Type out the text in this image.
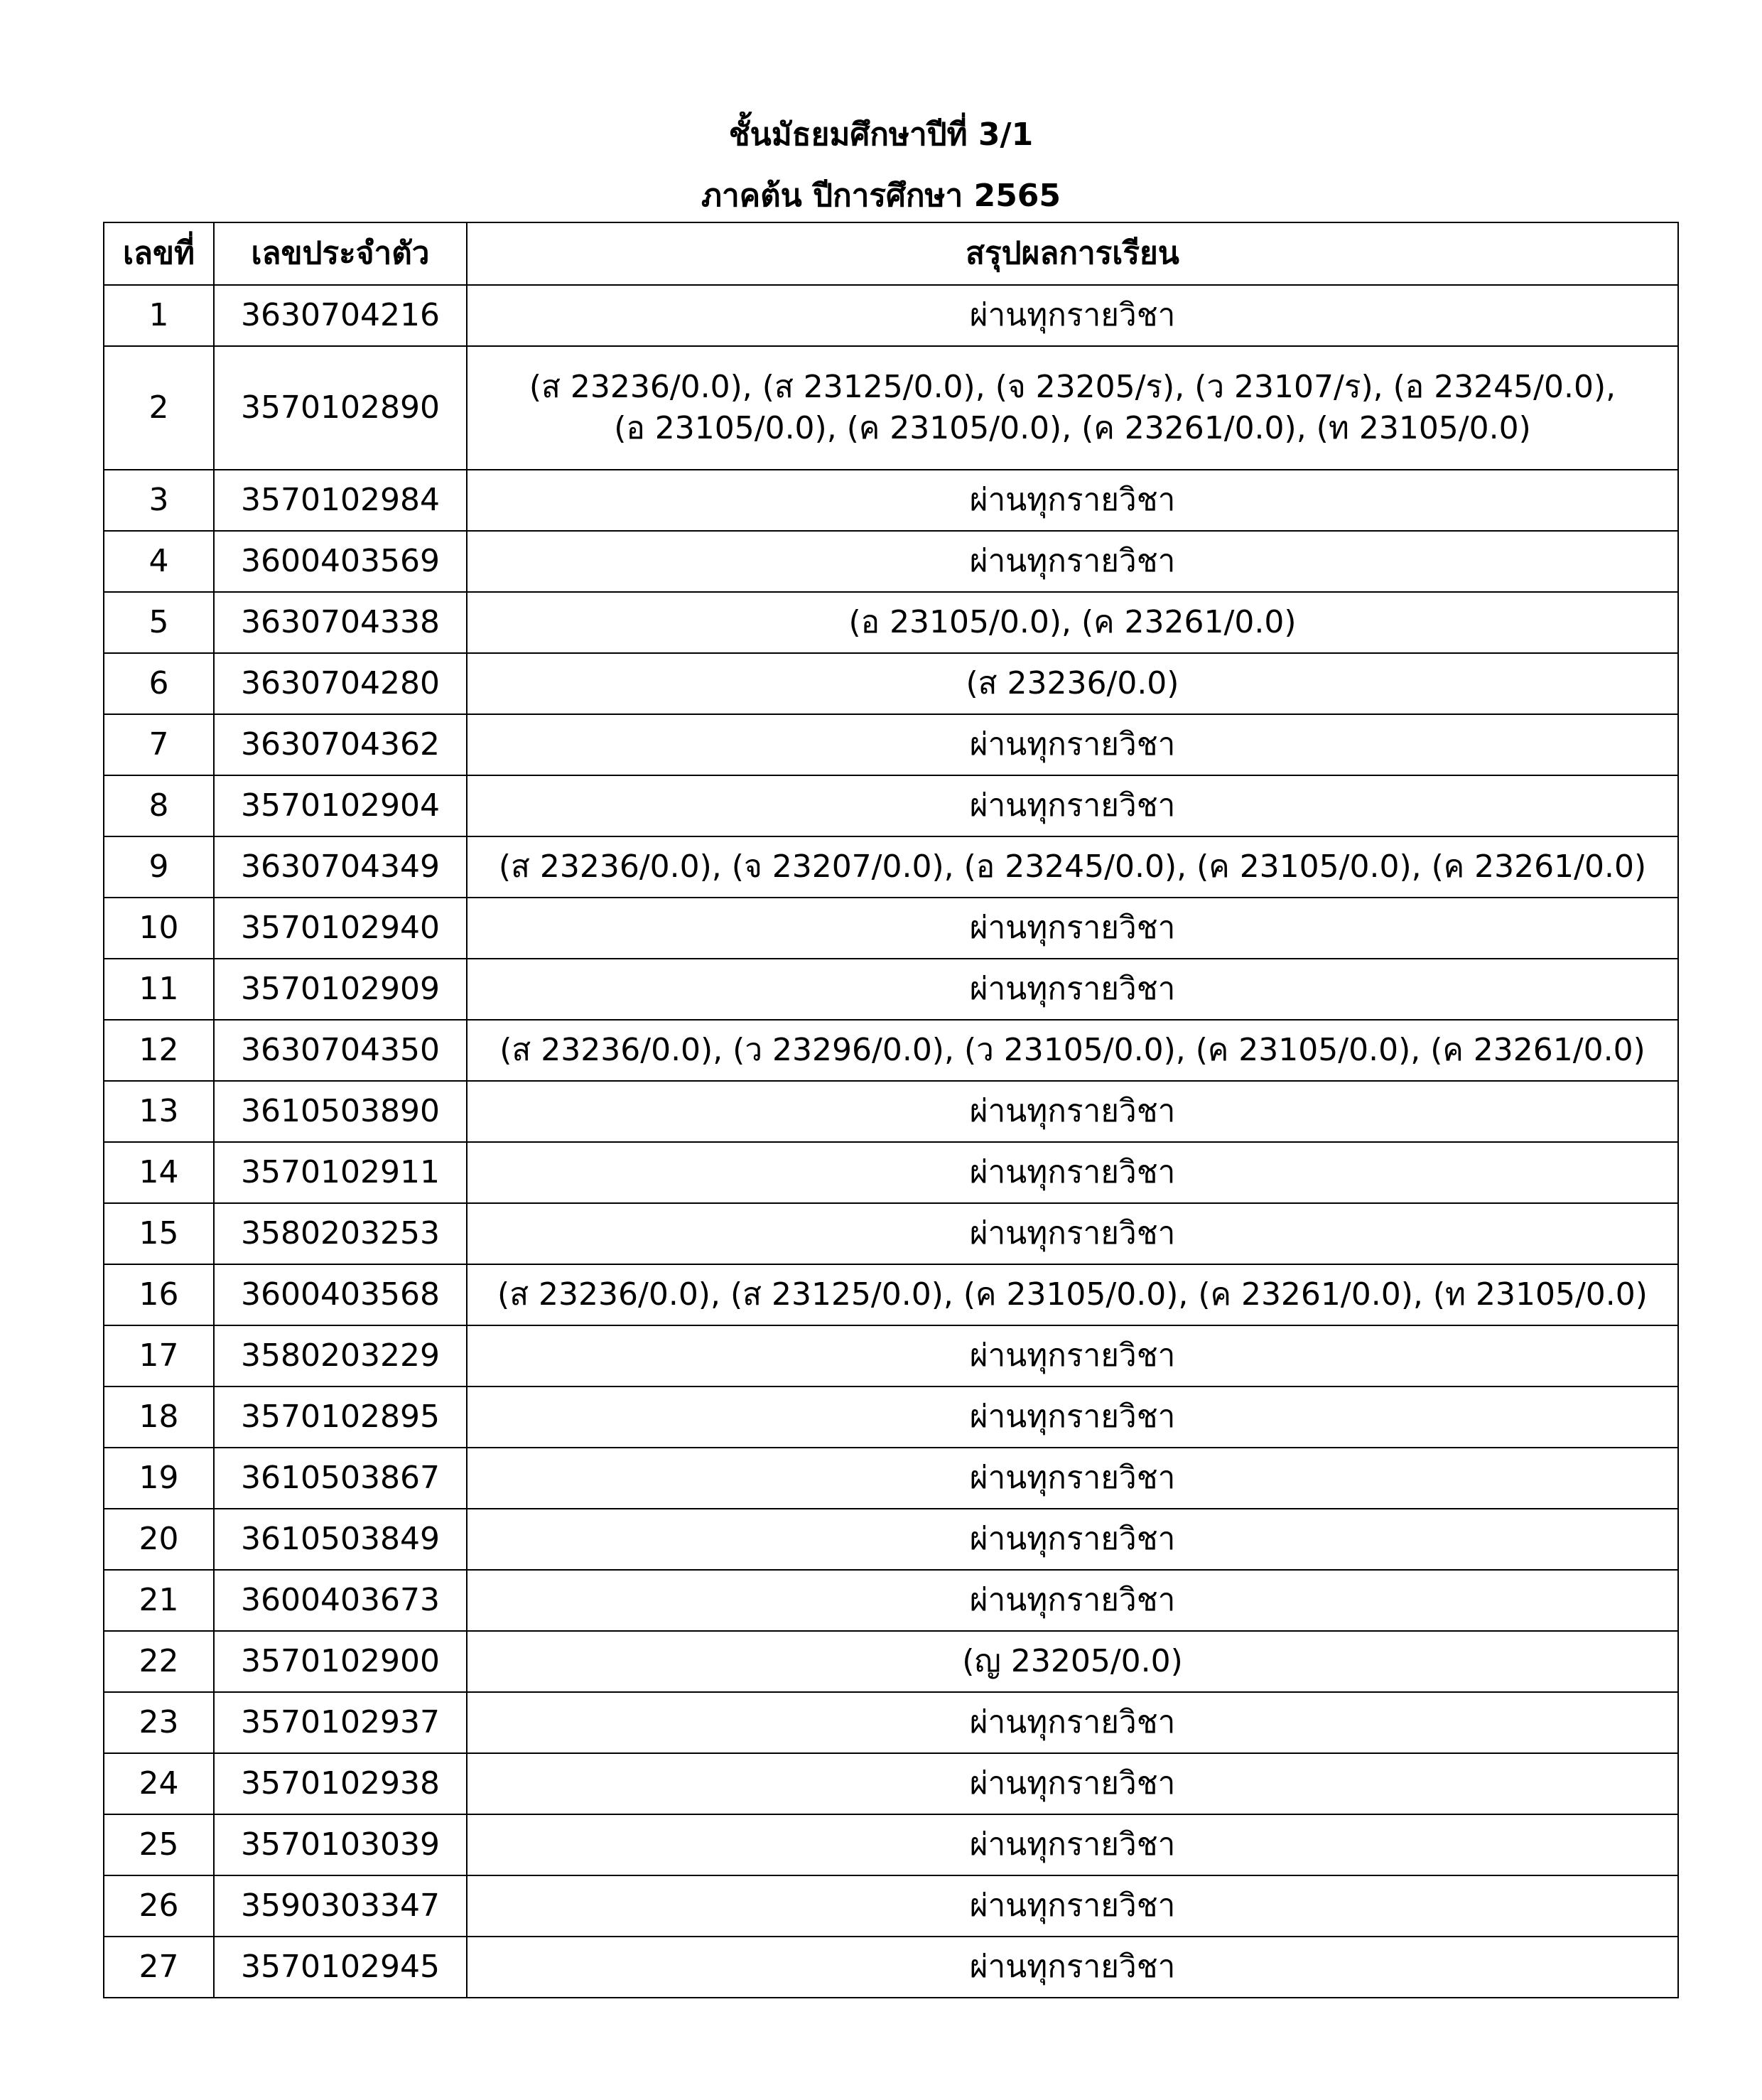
ชั้นมัธยมศึกษาปีที่ 3/1
ภาคต้น ปีการศึกษา 2565
เลขที่	เลขประจำตัว	สรุปผลการเรียน
1	3630704216	ผ่านทุกรายวิชา

2	3570102890	(ส 23236/0.0), (ส 23125/0.0), (จ 23205/ร), (ว 23107/ร), (อ 23245/0.0),
(อ 23105/0.0), (ค 23105/0.0), (ค 23261/0.0), (ท 23105/0.0)

3	3570102984	ผ่านทุกรายวิชา

4	3600403569	ผ่านทุกรายวิชา

5	3630704338	(อ 23105/0.0), (ค 23261/0.0)

6	3630704280	(ส 23236/0.0)

7	3630704362	ผ่านทุกรายวิชา

8	3570102904	ผ่านทุกรายวิชา

9	3630704349	(ส 23236/0.0), (จ 23207/0.0), (อ 23245/0.0), (ค 23105/0.0), (ค 23261/0.0)

10	3570102940	ผ่านทุกรายวิชา

11	3570102909	ผ่านทุกรายวิชา

12	3630704350	(ส 23236/0.0), (ว 23296/0.0), (ว 23105/0.0), (ค 23105/0.0), (ค 23261/0.0)

13	3610503890	ผ่านทุกรายวิชา

14	3570102911	ผ่านทุกรายวิชา

15	3580203253	ผ่านทุกรายวิชา

16	3600403568	(ส 23236/0.0), (ส 23125/0.0), (ค 23105/0.0), (ค 23261/0.0), (ท 23105/0.0)

17	3580203229	ผ่านทุกรายวิชา

18	3570102895	ผ่านทุกรายวิชา

19	3610503867	ผ่านทุกรายวิชา

20	3610503849	ผ่านทุกรายวิชา

21	3600403673	ผ่านทุกรายวิชา

22	3570102900	(ญ 23205/0.0)

23	3570102937	ผ่านทุกรายวิชา

24	3570102938	ผ่านทุกรายวิชา

25	3570103039	ผ่านทุกรายวิชา

26	3590303347	ผ่านทุกรายวิชา

27	3570102945	ผ่านทุกรายวิชา
